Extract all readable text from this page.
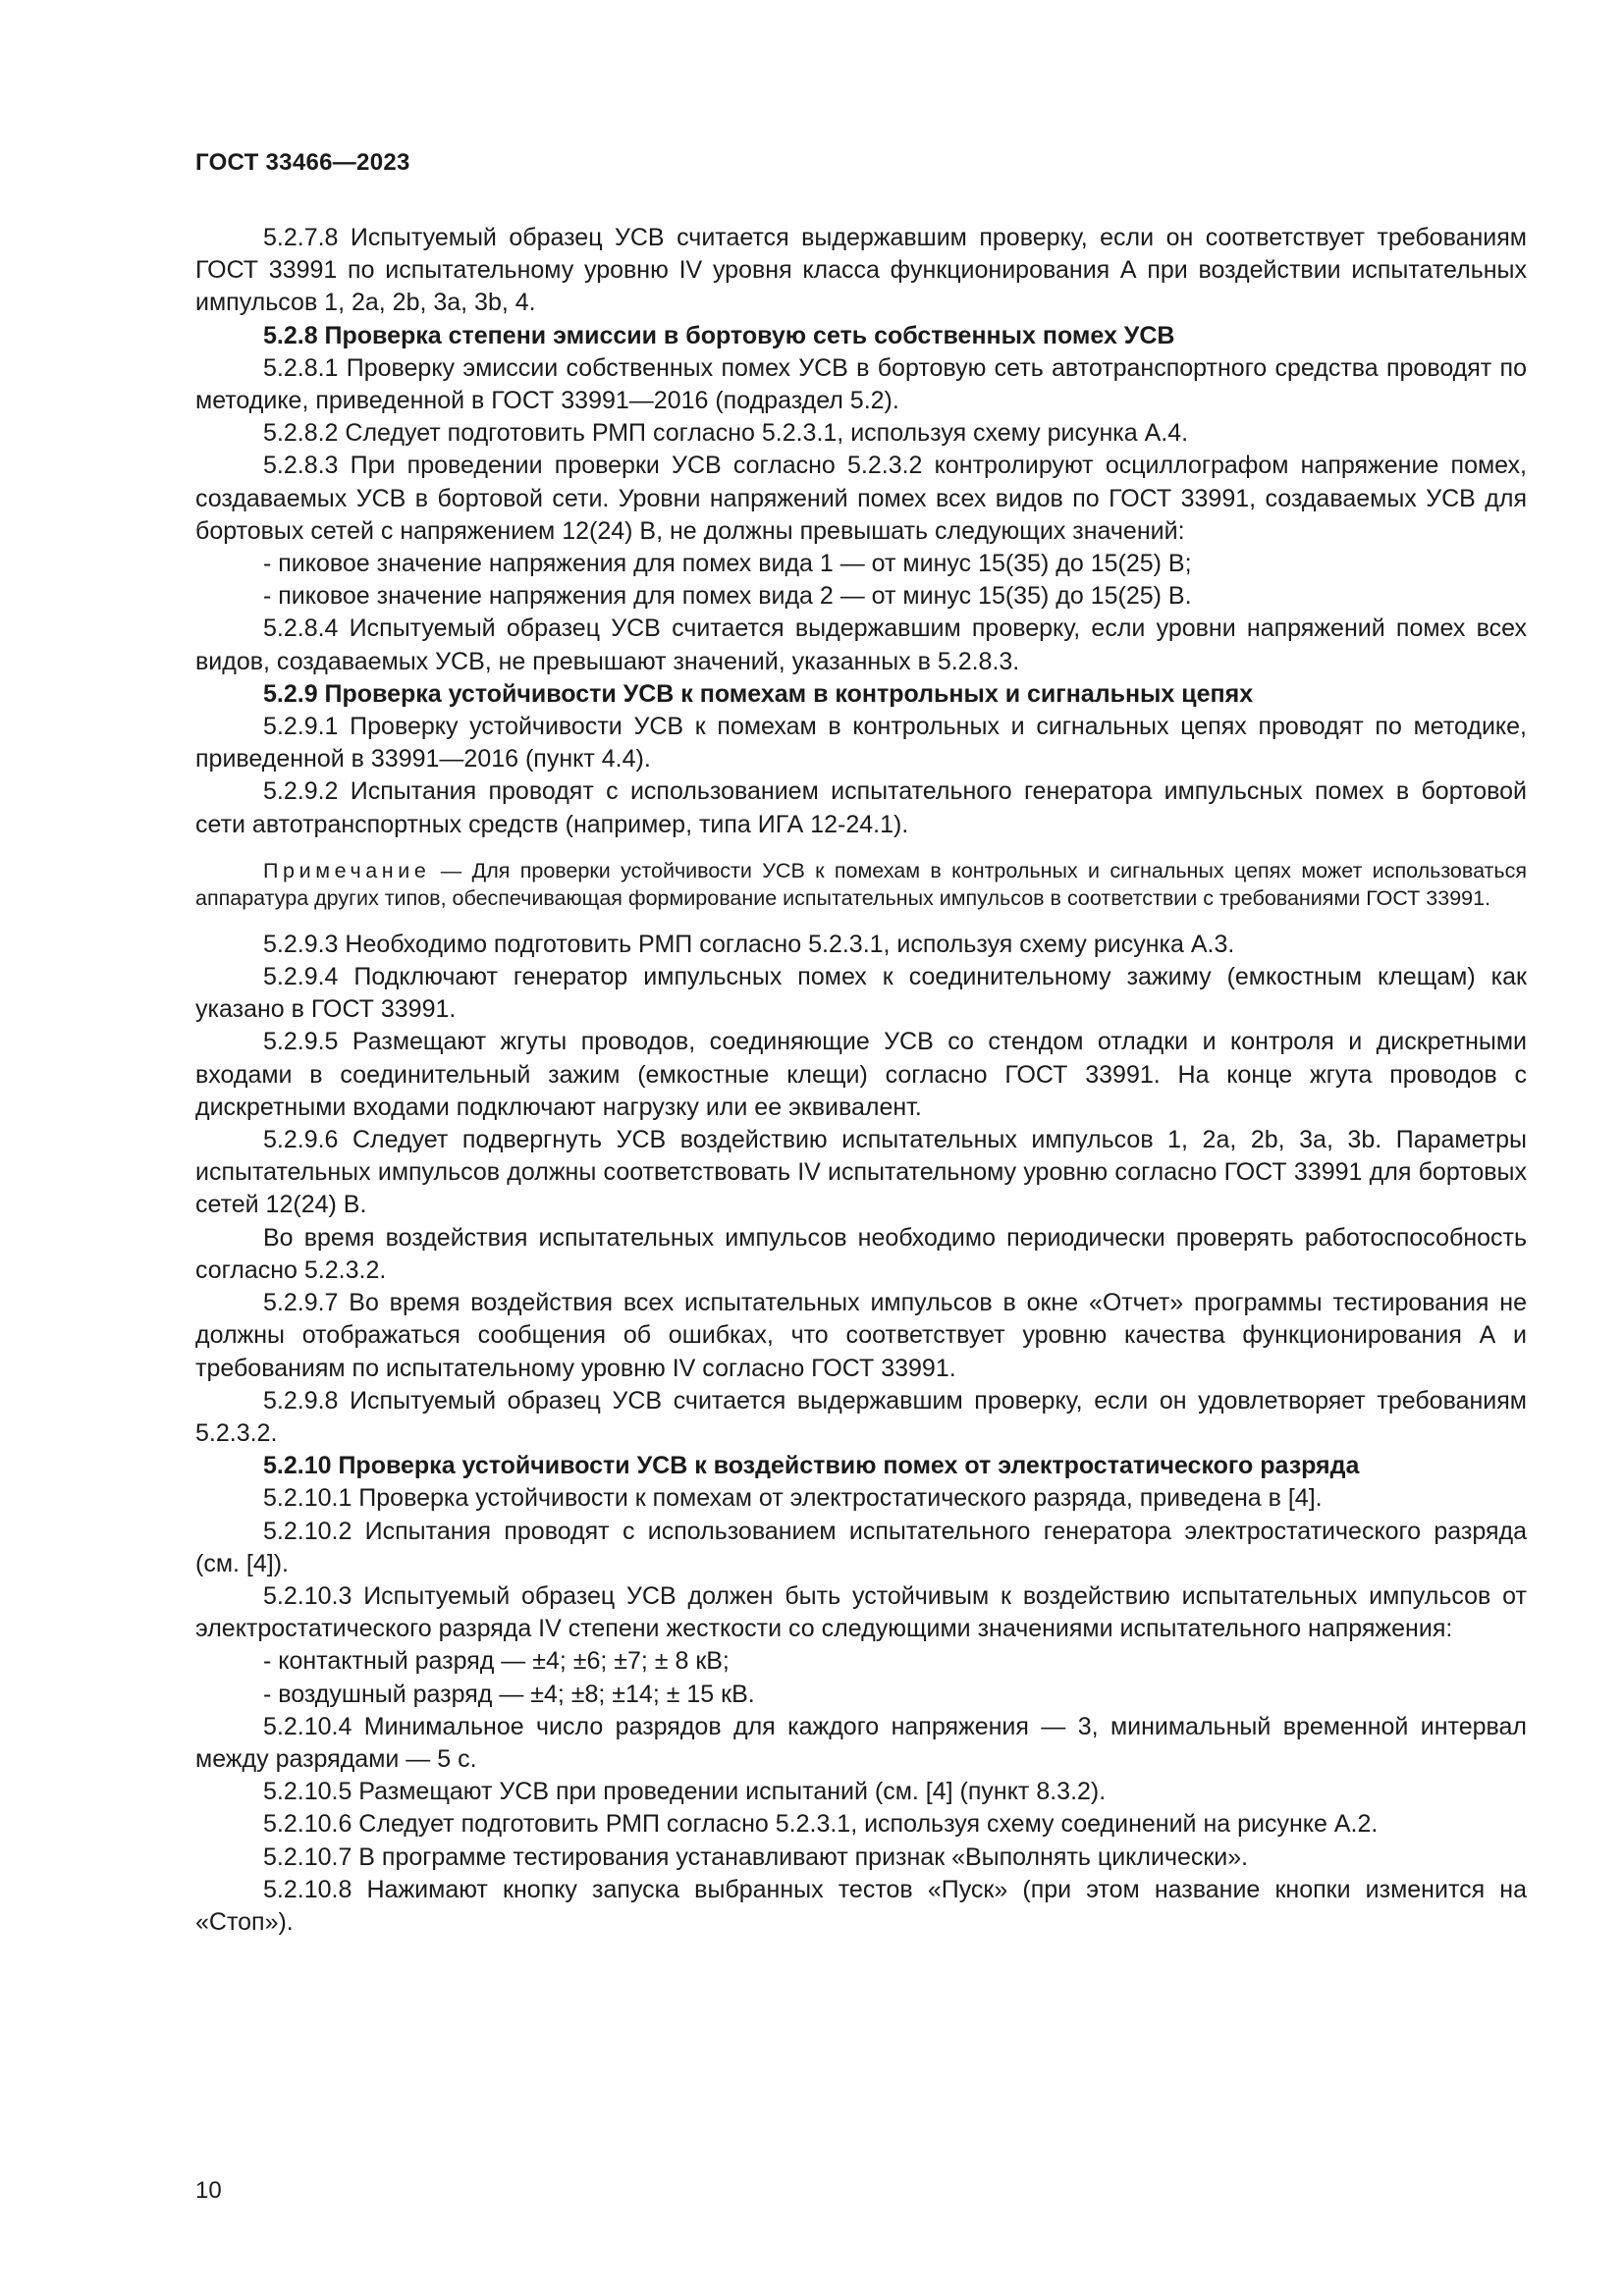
ГОСТ 33466—2023

5.2.7.8 Испытуемый образец УСВ считается выдержавшим проверку, если он соответствует требованиям ГОСТ 33991 по испытательному уровню IV уровня класса функционирования А при воздействии испытательных импульсов 1, 2a, 2b, 3a, 3b, 4.

5.2.8 Проверка степени эмиссии в бортовую сеть собственных помех УСВ

5.2.8.1 Проверку эмиссии собственных помех УСВ в бортовую сеть автотранспортного средства проводят по методике, приведенной в ГОСТ 33991—2016 (подраздел 5.2).

5.2.8.2 Следует подготовить РМП согласно 5.2.3.1, используя схему рисунка А.4.

5.2.8.3 При проведении проверки УСВ согласно 5.2.3.2 контролируют осциллографом напряжение помех, создаваемых УСВ в бортовой сети. Уровни напряжений помех всех видов по ГОСТ 33991, создаваемых УСВ для бортовых сетей с напряжением 12(24) В, не должны превышать следующих значений:

- пиковое значение напряжения для помех вида 1 — от минус 15(35) до 15(25) В;

- пиковое значение напряжения для помех вида 2 — от минус 15(35) до 15(25) В.

5.2.8.4 Испытуемый образец УСВ считается выдержавшим проверку, если уровни напряжений помех всех видов, создаваемых УСВ, не превышают значений, указанных в 5.2.8.3.

5.2.9 Проверка устойчивости УСВ к помехам в контрольных и сигнальных цепях

5.2.9.1 Проверку устойчивости УСВ к помехам в контрольных и сигнальных цепях проводят по методике, приведенной в 33991—2016 (пункт 4.4).

5.2.9.2 Испытания проводят с использованием испытательного генератора импульсных помех в бортовой сети автотранспортных средств (например, типа ИГА 12-24.1).

Примечание — Для проверки устойчивости УСВ к помехам в контрольных и сигнальных цепях может использоваться аппаратура других типов, обеспечивающая формирование испытательных импульсов в соответствии с требованиями ГОСТ 33991.

5.2.9.3 Необходимо подготовить РМП согласно 5.2.3.1, используя схему рисунка А.3.

5.2.9.4 Подключают генератор импульсных помех к соединительному зажиму (емкостным клещам) как указано в ГОСТ 33991.

5.2.9.5 Размещают жгуты проводов, соединяющие УСВ со стендом отладки и контроля и дискретными входами в соединительный зажим (емкостные клещи) согласно ГОСТ 33991. На конце жгута проводов с дискретными входами подключают нагрузку или ее эквивалент.

5.2.9.6 Следует подвергнуть УСВ воздействию испытательных импульсов 1, 2a, 2b, 3a, 3b. Параметры испытательных импульсов должны соответствовать IV испытательному уровню согласно ГОСТ 33991 для бортовых сетей 12(24) В.

Во время воздействия испытательных импульсов необходимо периодически проверять работоспособность согласно 5.2.3.2.

5.2.9.7 Во время воздействия всех испытательных импульсов в окне «Отчет» программы тестирования не должны отображаться сообщения об ошибках, что соответствует уровню качества функционирования А и требованиям по испытательному уровню IV согласно ГОСТ 33991.

5.2.9.8 Испытуемый образец УСВ считается выдержавшим проверку, если он удовлетворяет требованиям 5.2.3.2.

5.2.10 Проверка устойчивости УСВ к воздействию помех от электростатического разряда

5.2.10.1 Проверка устойчивости к помехам от электростатического разряда, приведена в [4].

5.2.10.2 Испытания проводят с использованием испытательного генератора электростатического разряда (см. [4]).

5.2.10.3 Испытуемый образец УСВ должен быть устойчивым к воздействию испытательных импульсов от электростатического разряда IV степени жесткости со следующими значениями испытательного напряжения:

- контактный разряд — ±4; ±6; ±7; ± 8 кВ;

- воздушный разряд — ±4; ±8; ±14; ± 15 кВ.

5.2.10.4 Минимальное число разрядов для каждого напряжения — 3, минимальный временной интервал между разрядами — 5 с.

5.2.10.5 Размещают УСВ при проведении испытаний (см. [4] (пункт 8.3.2).

5.2.10.6 Следует подготовить РМП согласно 5.2.3.1, используя схему соединений на рисунке А.2.

5.2.10.7 В программе тестирования устанавливают признак «Выполнять циклически».

5.2.10.8 Нажимают кнопку запуска выбранных тестов «Пуск» (при этом название кнопки изменится на «Стоп»).

10
